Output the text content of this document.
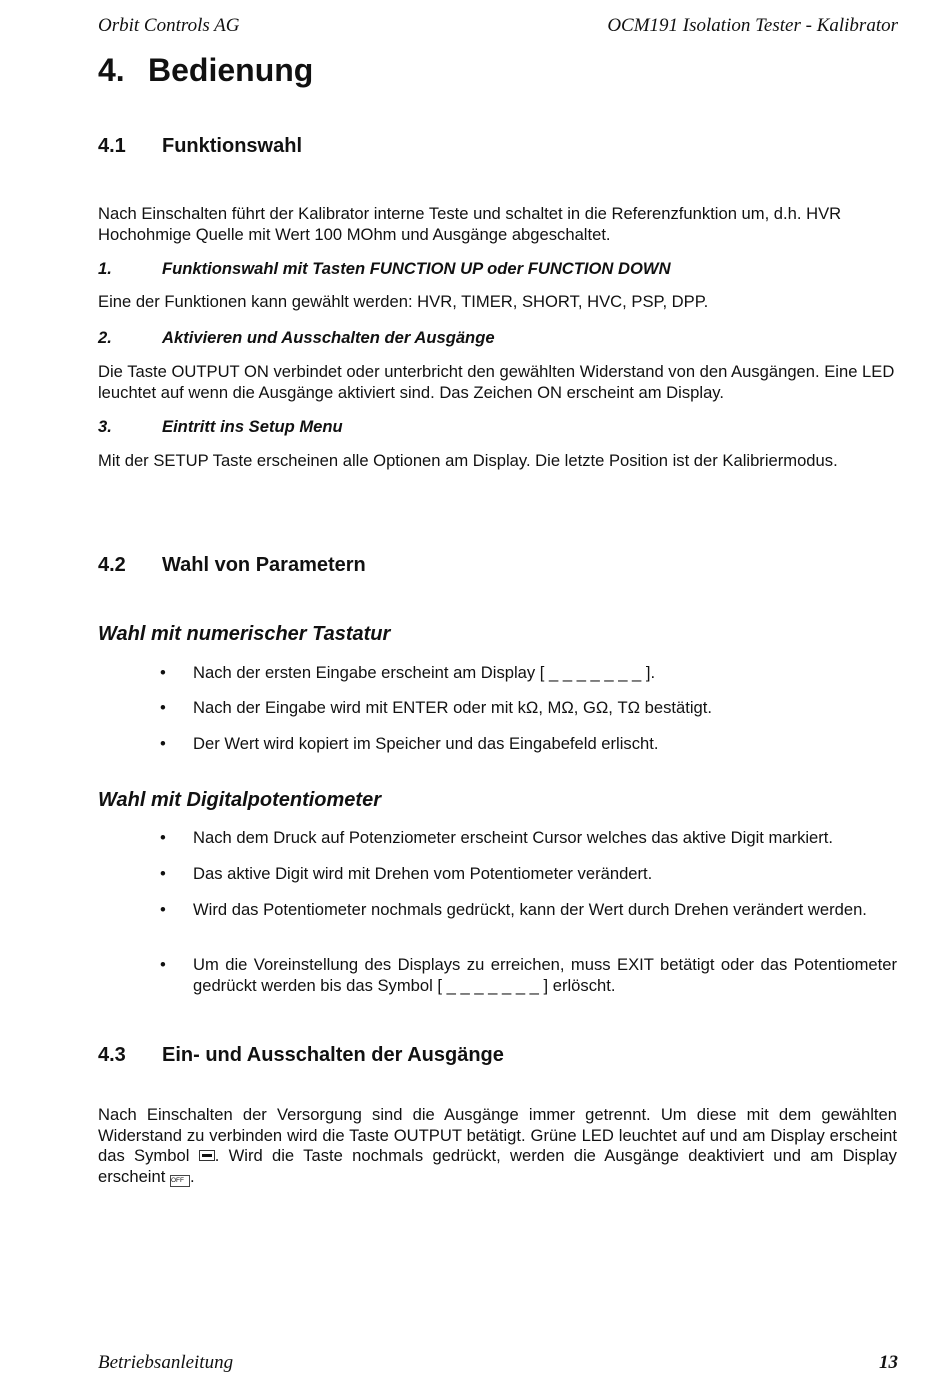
Orbit Controls AG	OCM191 Isolation Tester - Kalibrator
4. Bedienung
4.1 Funktionswahl
Nach Einschalten führt der Kalibrator interne Teste und schaltet in die Referenzfunktion um, d.h. HVR Hochohmige Quelle mit Wert 100 MOhm und Ausgänge abgeschaltet.
1.	Funktionswahl mit Tasten FUNCTION UP oder FUNCTION DOWN
Eine der Funktionen kann gewählt werden: HVR, TIMER, SHORT, HVC, PSP, DPP.
2.	Aktivieren und Ausschalten der Ausgänge
Die Taste OUTPUT ON verbindet oder unterbricht den gewählten Widerstand von den Ausgängen. Eine LED leuchtet auf wenn die Ausgänge aktiviert sind. Das Zeichen ON erscheint am Display.
3.	Eintritt ins Setup Menu
Mit der SETUP Taste erscheinen alle Optionen am Display. Die letzte Position ist der Kalibriermodus.
4.2 Wahl von Parametern
Wahl mit numerischer Tastatur
• Nach der ersten Eingabe erscheint am Display [ _ _ _ _ _ _ _ ].
• Nach der Eingabe wird mit ENTER oder mit kΩ, MΩ, GΩ, TΩ bestätigt.
• Der Wert wird kopiert im Speicher und das Eingabefeld erlischt.
Wahl mit Digitalpotentiometer
• Nach dem Druck auf Potenziometer erscheint Cursor welches das aktive Digit markiert.
• Das aktive Digit wird mit Drehen vom Potentiometer verändert.
• Wird das Potentiometer nochmals gedrückt, kann der Wert durch Drehen verändert werden.
• Um die Voreinstellung des Displays zu erreichen, muss EXIT betätigt oder das Potentiometer gedrückt werden bis das Symbol [ _ _ _ _ _ _ _ ] erlöscht.
4.3 Ein- und Ausschalten der Ausgänge
Nach Einschalten der Versorgung sind die Ausgänge immer getrennt. Um diese mit dem gewählten Widerstand zu verbinden wird die Taste OUTPUT betätigt. Grüne LED leuchtet auf und am Display erscheint das Symbol . Wird die Taste nochmals gedrückt, werden die Ausgänge deaktiviert und am Display erscheint OFF .
Betriebsanleitung	13
